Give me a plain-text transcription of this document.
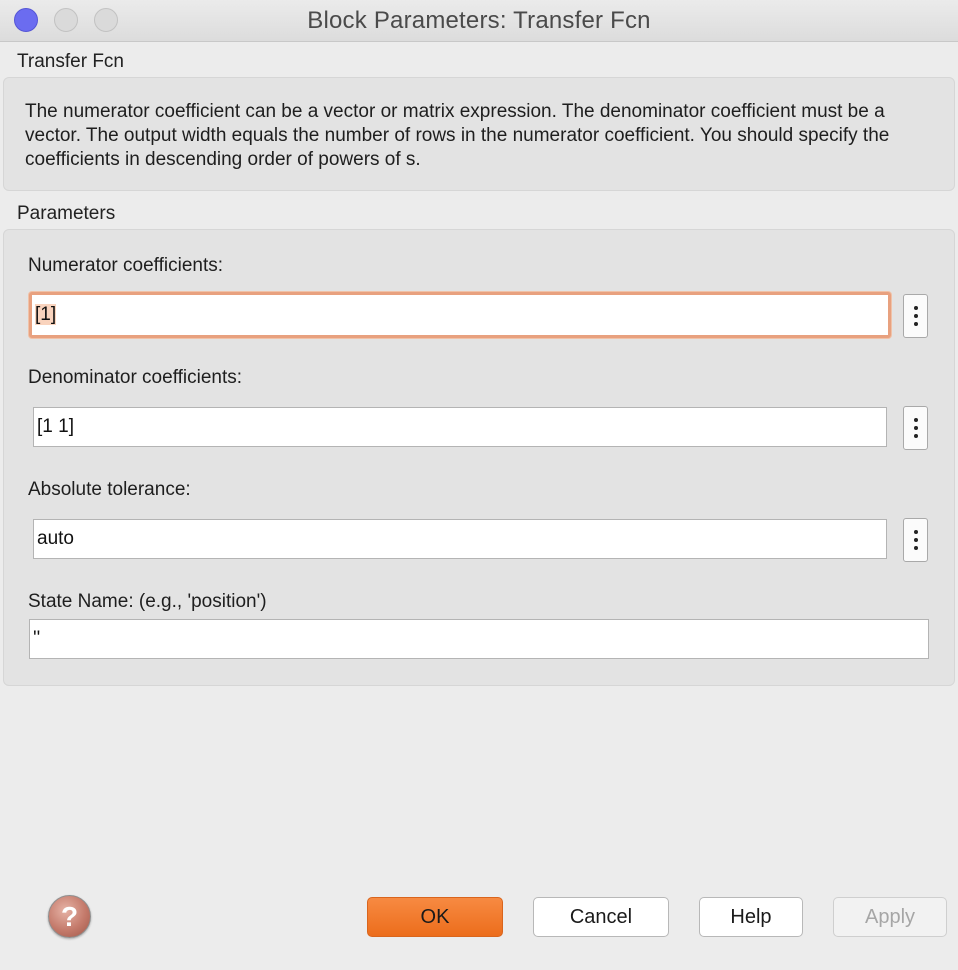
Block Parameters: Transfer Fcn
Transfer Fcn

The numerator coefficient can be a vector or matrix expression. The denominator coefficient must be a vector. The output width equals the number of rows in the numerator coefficient. You should specify the coefficients in descending order of powers of s.

Parameters
Numerator coefficients:
[1]
Denominator coefficients:
[1 1]
Absolute tolerance:
auto
State Name: (e.g., 'position')
''
?	OK	Cancel	Help	Apply
